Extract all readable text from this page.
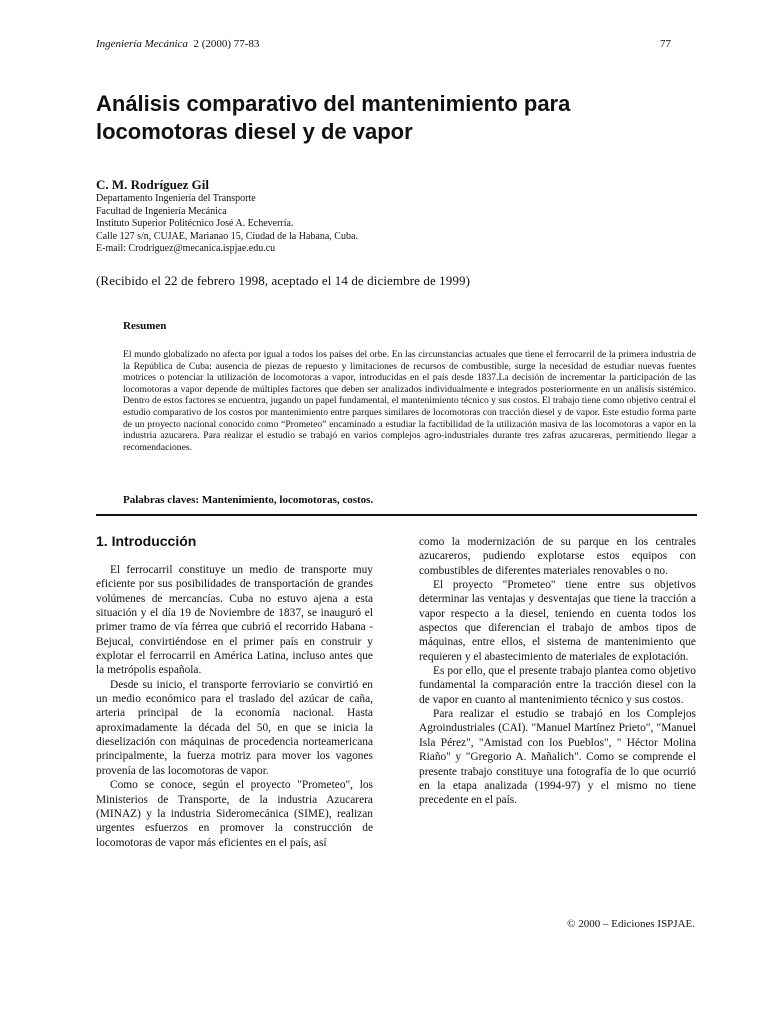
Ingeniería Mecánica 2 (2000) 77-83	77
Análisis comparativo del mantenimiento para
locomotoras diesel y de vapor
C. M. Rodríguez Gil
Departamento Ingeniería del Transporte
Facultad de Ingeniería Mecánica
Instituto Superior Politécnico José A. Echeverría.
Calle 127 s/n, CUJAE, Marianao 15, Ciudad de la Habana, Cuba.
E-mail: Crodriguez@mecanica.ispjae.edu.cu
(Recibido el 22 de febrero 1998, aceptado el 14 de diciembre de 1999)
Resumen

El mundo globalizado no afecta por igual a todos los países del orbe. En las circunstancias actuales que tiene el ferrocarril de la primera industria de la República de Cuba: ausencia de piezas de repuesto y limitaciones de recursos de combustible, surge la necesidad de estudiar nuevas fuentes motrices o potenciar la utilización de locomotoras a vapor, introducidas en el país desde 1837.La decisión de incrementar la participación de las locomotoras a vapor depende de múltiples factores que deben ser analizados individualmente e integrados posteriormente en un análisis sistémico. Dentro de estos factores se encuentra, jugando un papel fundamental, el mantenimiento técnico y sus costos. El trabajo tiene como objetivo central el estudio comparativo de los costos por mantenimiento entre parques similares de locomotoras con tracción diesel y de vapor. Este estudio forma parte de un proyecto nacional conocido como “Prometeo” encaminado a estudiar la factibilidad de la utilización masiva de las locomotoras a vapor en la industria azucarera. Para realizar el estudio se trabajó en varios complejos agro-industriales durante tres zafras azucareras, permitiendo llegar a recomendaciones.

Palabras claves: Mantenimiento, locomotoras, costos.
1. Introducción

El ferrocarril constituye un medio de transporte muy eficiente por sus posibilidades de transportación de grandes volúmenes de mercancías. Cuba no estuvo ajena a esta situación y el día 19 de Noviembre de 1837, se inauguró el primer tramo de vía férrea que cubrió el recorrido Habana - Bejucal, convirtiéndose en el primer país en construir y explotar el ferrocarril en América Latina, incluso antes que la metrópolis española.

Desde su inicio, el transporte ferroviario se convirtió en un medio económico para el traslado del azúcar de caña, arteria principal de la economía nacional. Hasta aproximadamente la década del 50, en que se inicia la dieselización con máquinas de procedencia norteamericana principalmente, la fuerza motriz para mover los vagones provenía de las locomotoras de vapor.

Como se conoce, según el proyecto "Prometeo", los Ministerios de Transporte, de la industria Azucarera (MINAZ) y la industria Sideromecánica (SIME), realizan urgentes esfuerzos en promover la construcción de locomotoras de vapor más eficientes en el país, así

como la modernización de su parque en los centrales azucareros, pudiendo explotarse estos equipos con combustibles de diferentes materiales renovables o no.

El proyecto "Prometeo" tiene entre sus objetivos determinar las ventajas y desventajas que tiene la tracción a vapor respecto a la diesel, teniendo en cuenta todos los aspectos que diferencian el trabajo de ambos tipos de máquinas, entre ellos, el sistema de mantenimiento que requieren y el abastecimiento de materiales de explotación.

Es por ello, que el presente trabajo plantea como objetivo fundamental la comparación entre la tracción diesel con la de vapor en cuanto al mantenimiento técnico y sus costos.

Para realizar el estudio se trabajó en los Complejos Agroindustriales (CAI). "Manuel Martínez Prieto", "Manuel Isla Pérez", "Amistad con los Pueblos", " Héctor Molina Riaño" y "Gregorio A. Mañalich". Como se comprende el presente trabajo constituye una fotografía de lo que ocurrió en la etapa analizada (1994-97) y el mismo no tiene precedente en el país.

© 2000 – Ediciones ISPJAE.
